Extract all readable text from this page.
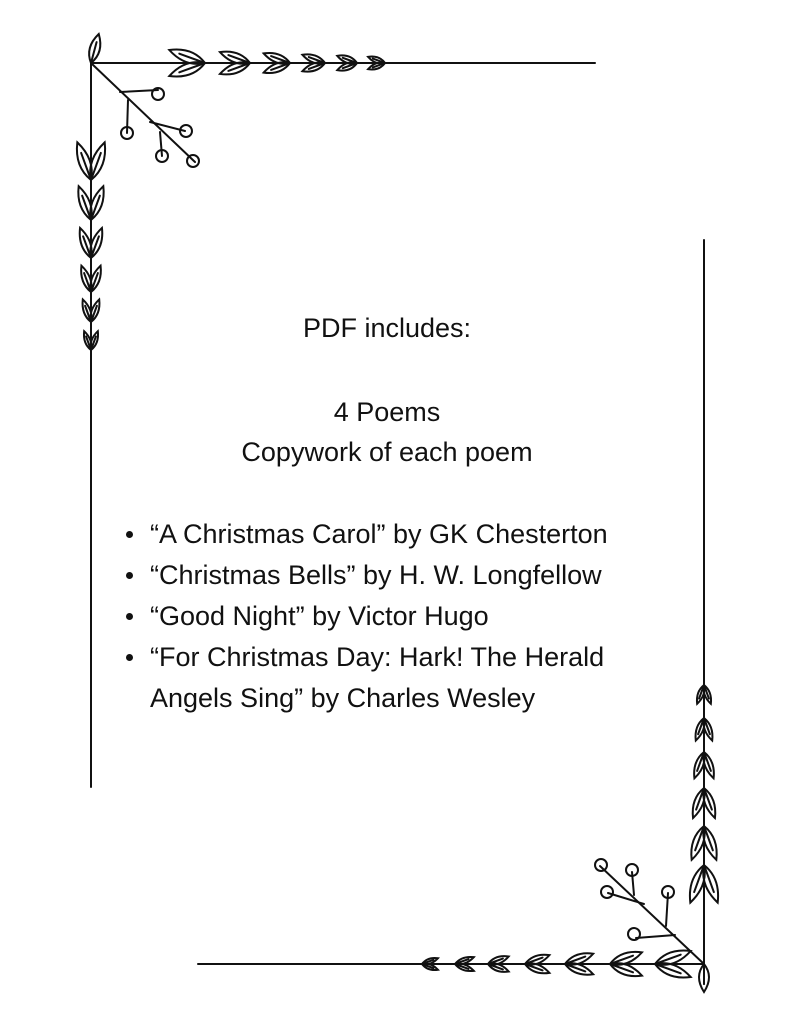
PDF includes:
4 Poems
Copywork of each poem
“A Christmas Carol” by GK Chesterton
“Christmas Bells” by H. W. Longfellow
“Good Night” by Victor Hugo
“For Christmas Day: Hark! The Herald
Angels Sing” by Charles Wesley
